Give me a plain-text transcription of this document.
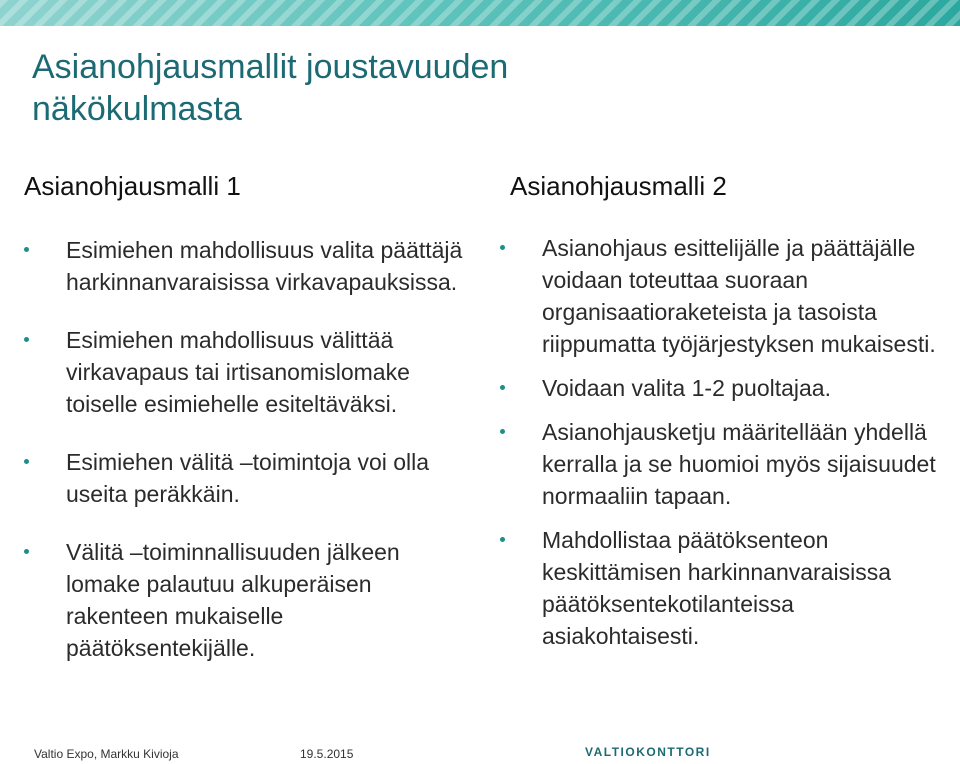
Asianohjausmallit joustavuuden
näkökulmasta
Asianohjausmalli 1	Asianohjausmalli 2
Esimiehen mahdollisuus valita päättäjä harkinnanvaraisissa virkavapauksissa.
Esimiehen mahdollisuus välittää virkavapaus tai irtisanomislomake toiselle esimiehelle esiteltäväksi.
Esimiehen välitä –toimintoja voi olla useita peräkkäin.
Välitä –toiminnallisuuden jälkeen lomake palautuu alkuperäisen rakenteen mukaiselle päätöksentekijälle.
Asianohjaus esittelijälle ja päättäjälle voidaan toteuttaa suoraan organisaatioraketeista ja tasoista riippumatta työjärjestyksen mukaisesti.
Voidaan valita 1-2 puoltajaa.
Asianohjausketju määritellään yhdellä kerralla ja se huomioi myös sijaisuudet normaaliin tapaan.
Mahdollistaa päätöksenteon keskittämisen harkinnanvaraisissa päätöksentekotilanteissa asiakohtaisesti.
Valtio Expo, Markku Kivioja	19.5.2015	VALTIOKONTTORI
